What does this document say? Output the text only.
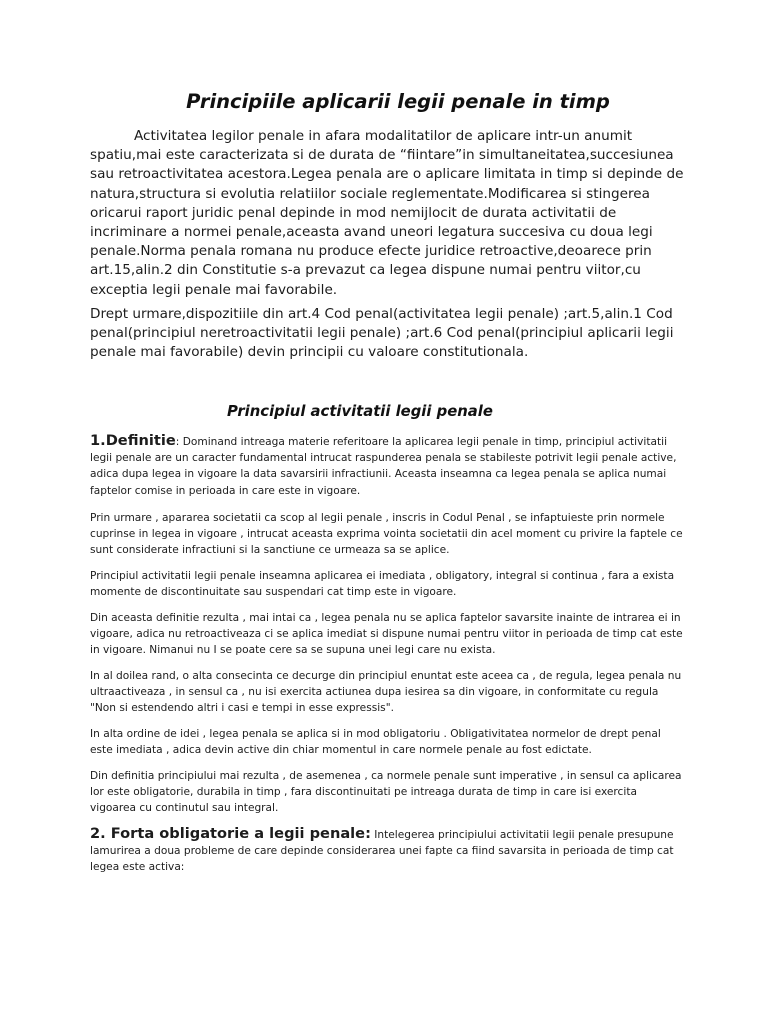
Principiile aplicarii legii penale in timp

Activitatea legilor penale in afara modalitatilor de aplicare intr-un anumit spatiu,mai este caracterizata si de durata de “fiintare”in simultaneitatea,succesiunea sau retroactivitatea acestora.Legea penala are o aplicare limitata in timp si depinde de natura,structura si evolutia relatiilor sociale reglementate.Modificarea si stingerea oricarui raport juridic penal depinde in mod nemijlocit de durata activitatii de incriminare a normei penale,aceasta avand uneori legatura succesiva cu doua legi penale.Norma penala romana nu produce efecte juridice retroactive,deoarece prin art.15,alin.2 din Constitutie s-a prevazut ca legea dispune numai pentru viitor,cu exceptia legii penale mai favorabile.

Drept urmare,dispozitiile din art.4 Cod penal(activitatea legii penale) ;art.5,alin.1 Cod penal(principiul neretroactivitatii legii penale) ;art.6 Cod penal(principiul aplicarii legii penale mai favorabile) devin principii cu valoare constitutionala.

Principiul activitatii legii penale

1.Definitie: Dominand intreaga materie referitoare la aplicarea legii penale in timp, principiul activitatii legii penale are un caracter fundamental intrucat raspunderea penala se stabileste potrivit legii penale active, adica dupa legea in vigoare la data savarsirii infractiunii. Aceasta inseamna ca legea penala se aplica numai faptelor comise in perioada in care este in vigoare.

Prin urmare , apararea societatii ca scop al legii penale , inscris in Codul Penal , se infaptuieste prin normele cuprinse in legea in vigoare , intrucat aceasta exprima vointa societatii din acel moment cu privire la faptele ce sunt considerate infractiuni si la sanctiune ce urmeaza sa se aplice.

Principiul activitatii legii penale inseamna aplicarea ei imediata , obligatory, integral si continua , fara a exista momente de discontinuitate sau suspendari cat timp este in vigoare.

Din aceasta definitie rezulta , mai intai ca , legea penala nu se aplica faptelor savarsite inainte de intrarea ei in vigoare, adica nu retroactiveaza ci se aplica imediat si dispune numai pentru viitor in perioada de timp cat este in vigoare. Nimanui nu I se poate cere sa se supuna unei legi care nu exista.

In al doilea rand, o alta consecinta ce decurge din principiul enuntat este aceea ca , de regula, legea penala nu ultraactiveaza , in sensul ca , nu isi exercita actiunea dupa iesirea sa din vigoare, in conformitate cu regula "Non si estendendo altri i casi e tempi in esse expressis".

In alta ordine de idei , legea penala se aplica si in mod obligatoriu . Obligativitatea normelor de drept penal este imediata , adica devin active din chiar momentul in care normele penale au fost edictate.

Din definitia principiului mai rezulta , de asemenea , ca normele penale sunt imperative , in sensul ca aplicarea lor este obligatorie, durabila in timp , fara discontinuitati pe intreaga durata de timp in care isi exercita vigoarea cu continutul sau integral.

2. Forta obligatorie a legii penale: Intelegerea principiului activitatii legii penale presupune lamurirea a doua probleme de care depinde considerarea unei fapte ca fiind savarsita in perioada de timp cat legea este activa:
